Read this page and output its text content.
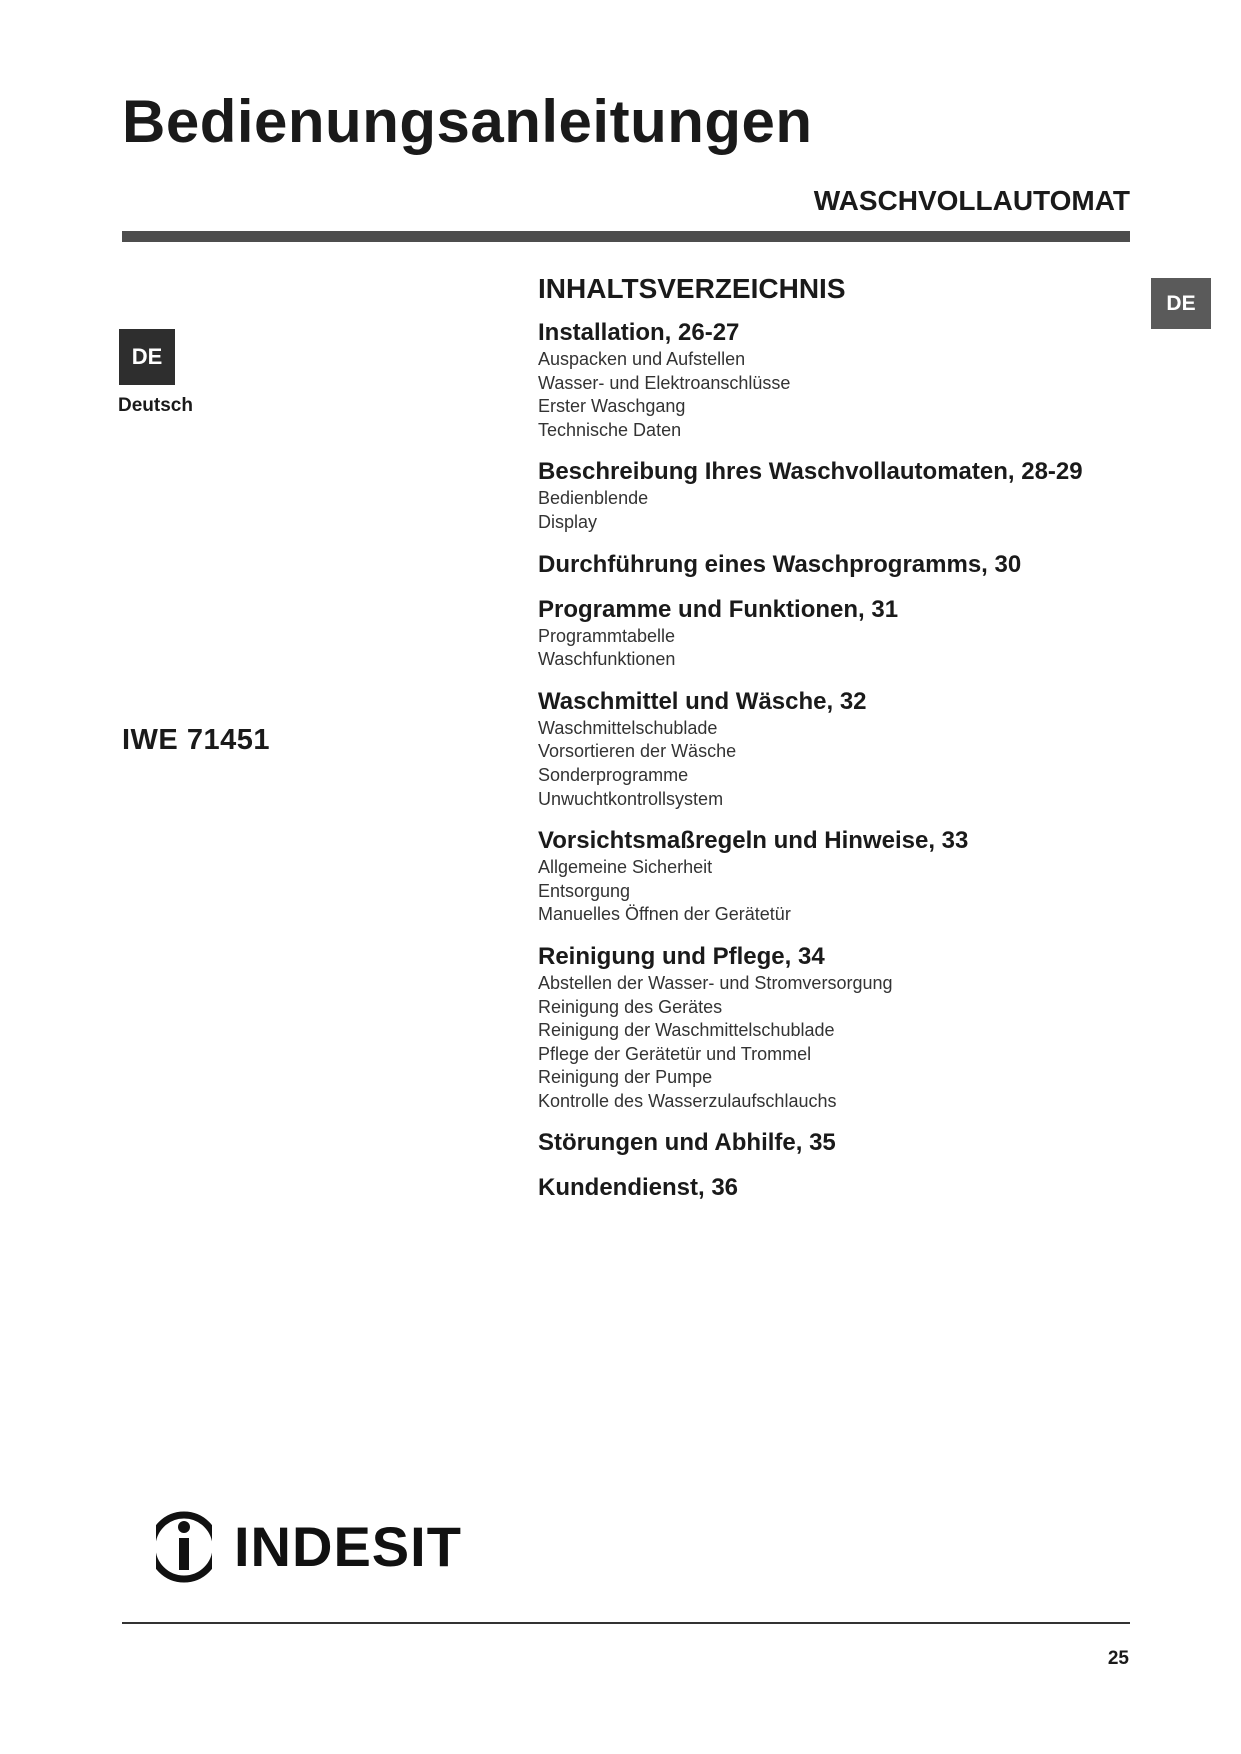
Bedienungsanleitungen
WASCHVOLLAUTOMAT
DE
Deutsch
DE
IWE 71451
INHALTSVERZEICHNIS
Installation, 26-27
Auspacken und Aufstellen
Wasser- und Elektroanschlüsse
Erster Waschgang
Technische Daten
Beschreibung Ihres Waschvollautomaten, 28-29
Bedienblende
Display
Durchführung eines Waschprogramms, 30
Programme und Funktionen, 31
Programmtabelle
Waschfunktionen
Waschmittel und Wäsche, 32
Waschmittelschublade
Vorsortieren der Wäsche
Sonderprogramme
Unwuchtkontrollsystem
Vorsichtsmaßregeln und Hinweise, 33
Allgemeine Sicherheit
Entsorgung
Manuelles Öffnen der Gerätetür
Reinigung und Pflege, 34
Abstellen der Wasser- und Stromversorgung
Reinigung des Gerätes
Reinigung der Waschmittelschublade
Pflege der Gerätetür und Trommel
Reinigung der Pumpe
Kontrolle des Wasserzulaufschlauchs
Störungen und Abhilfe, 35
Kundendienst, 36
INDESIT
25
